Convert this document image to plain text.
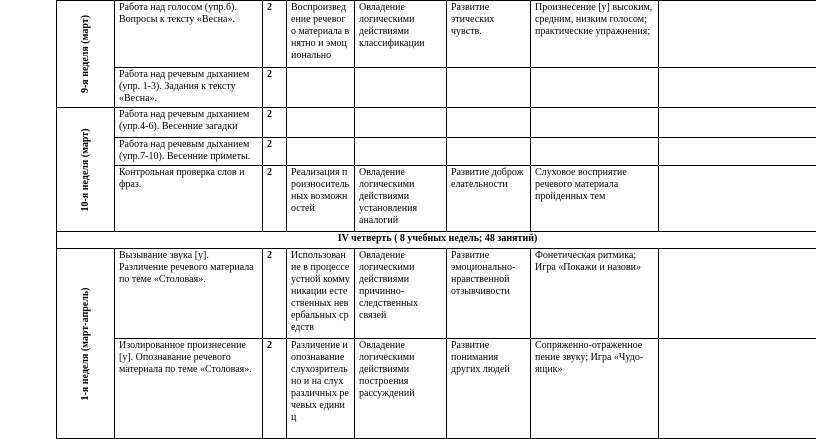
9-я неделя (март)	Работа над голосом (упр.6). Вопросы к тексту «Весна».	2	Воспроизведение речевого материала внятно и эмоционально	Овладение логическими действиями классификации	Развитие этических чувств.	Произнесение [у] высоким, средним, низким голосом; практические упражнения;	
	Работа над речевым дыханием (упр. 1-3). Задания к тексту «Весна».	2					

10-я неделя (март)	Работа над речевым дыханием (упр.4-6). Весенние загадки	2					
	Работа над речевым дыханием (упр.7-10). Весенние приметы.	2					
	Контрольная проверка слов и фраз.	2	Реализация произносительных возможностей	Овладение логическими действиями установления аналогий	Развитие доброжелательности	Слуховое восприятие речевого материала пройденных тем	
IV четверть ( 8 учебных недель; 48 занятий)							

1-я неделя (март-апрель)	Вызывание звука [у]. Различение речевого материала по теме «Столовая».	2	Использование в процессе устной коммуникации естественных невербальных средств	Овладение логическими действиями причинно-следственных связей	Развитие эмоционально-нравственной отзывчивости	Фонетическая ритмика; Игра «Покажи и назови»	
	Изолированное произнесение [у]. Опознавание речевого материала по теме «Столовая».	2	Различение и опознавание слухозрительно и на слух различных речевых единиц	Овладение логическими действиями построения рассуждений	Развитие понимания других людей	Сопряженно-отраженное пение звуку; Игра «Чудо-ящик»	
